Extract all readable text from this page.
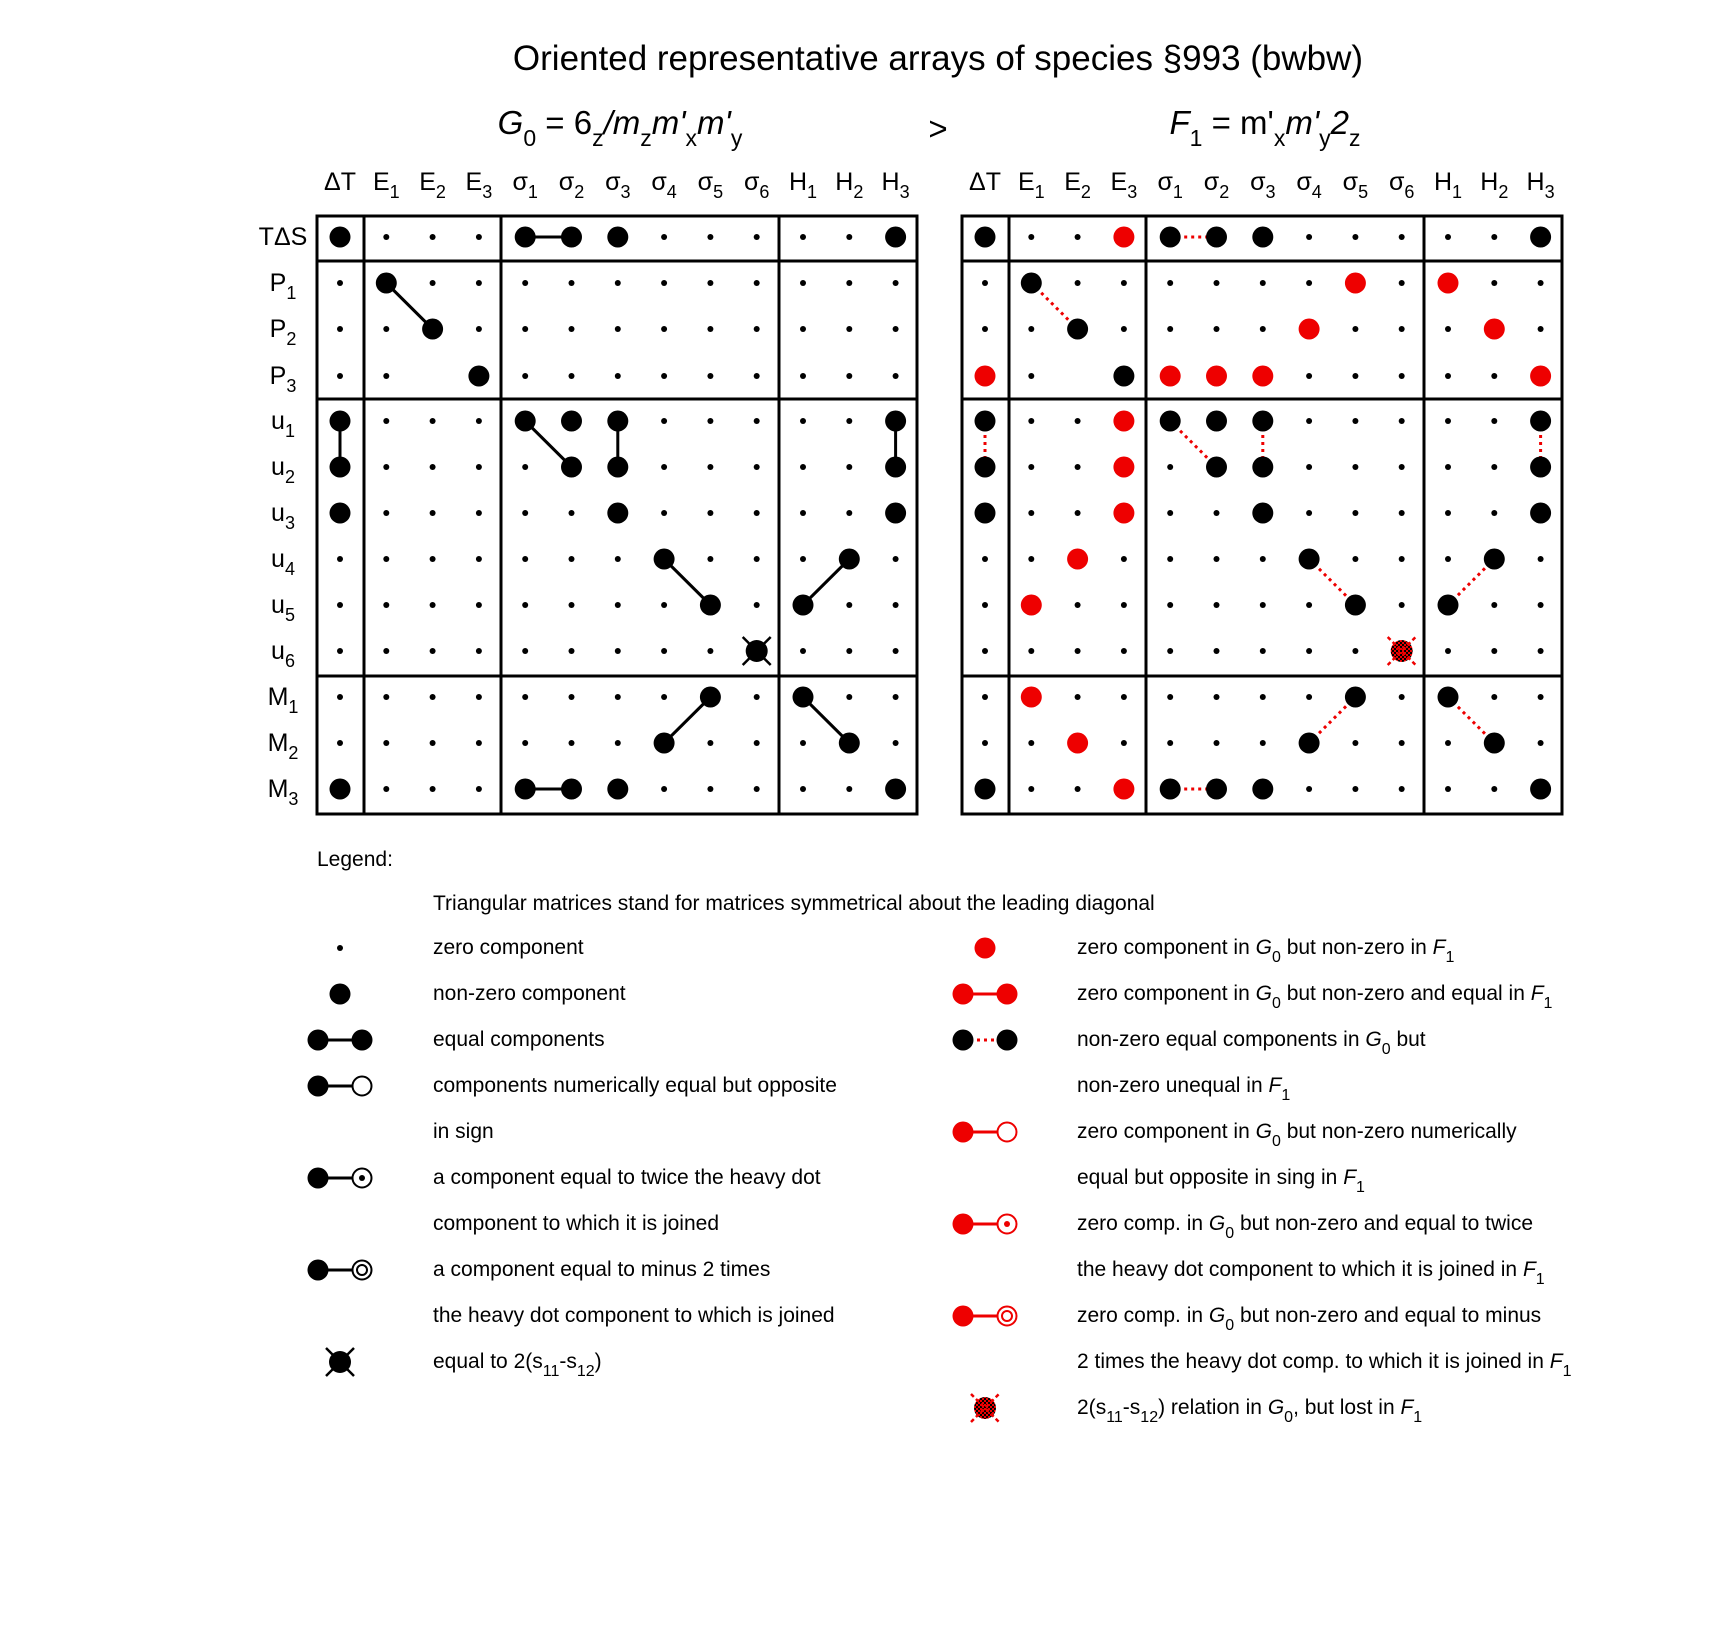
Oriented representative arrays of species §993 (bwbw)
$G_0 = 6_z/m_zm'_xm'_y$	$F_1 = m'_xm'_y2_z$
>
ΔT $E_1$ $E_2$ $E_3$ $\sigma_1$ $\sigma_2$ $\sigma_3$ $\sigma_4$ $\sigma_5$ $\sigma_6$ $H_1$ $H_2$ $H_3$
TΔS
$P_1$
$P_2$
$P_3$
$u_1$
$u_2$
$u_3$
$u_4$
$u_5$
$u_6$
$M_1$
$M_2$
$M_3$
ΔT $E_1$ $E_2$ $E_3$ $\sigma_1$ $\sigma_2$ $\sigma_3$ $\sigma_4$ $\sigma_5$ $\sigma_6$ $H_1$ $H_2$ $H_3$
Legend:
Triangular matrices stand for matrices symmetrical about the leading diagonal
zero component
non-zero component
equal components
components numerically equal but opposite
in sign
a component equal to twice the heavy dot
component to which it is joined
a component equal to minus 2 times
the heavy dot component to which is joined
equal to $2(s_{11}-s_{12})$
zero component in $G_0$ but non-zero in $F_1$
zero component in $G_0$ but non-zero and equal in $F_1$
non-zero equal components in $G_0$ but
non-zero unequal in $F_1$
zero component in $G_0$ but non-zero numerically
equal but opposite in sing in $F_1$
zero comp. in $G_0$ but non-zero and equal to twice
the heavy dot component to which it is joined in $F_1$
zero comp. in $G_0$ but non-zero and equal to minus
2 times the heavy dot comp. to which it is joined in $F_1$
$2(s_{11}-s_{12})$ relation in $G_0$, but lost in $F_1$
